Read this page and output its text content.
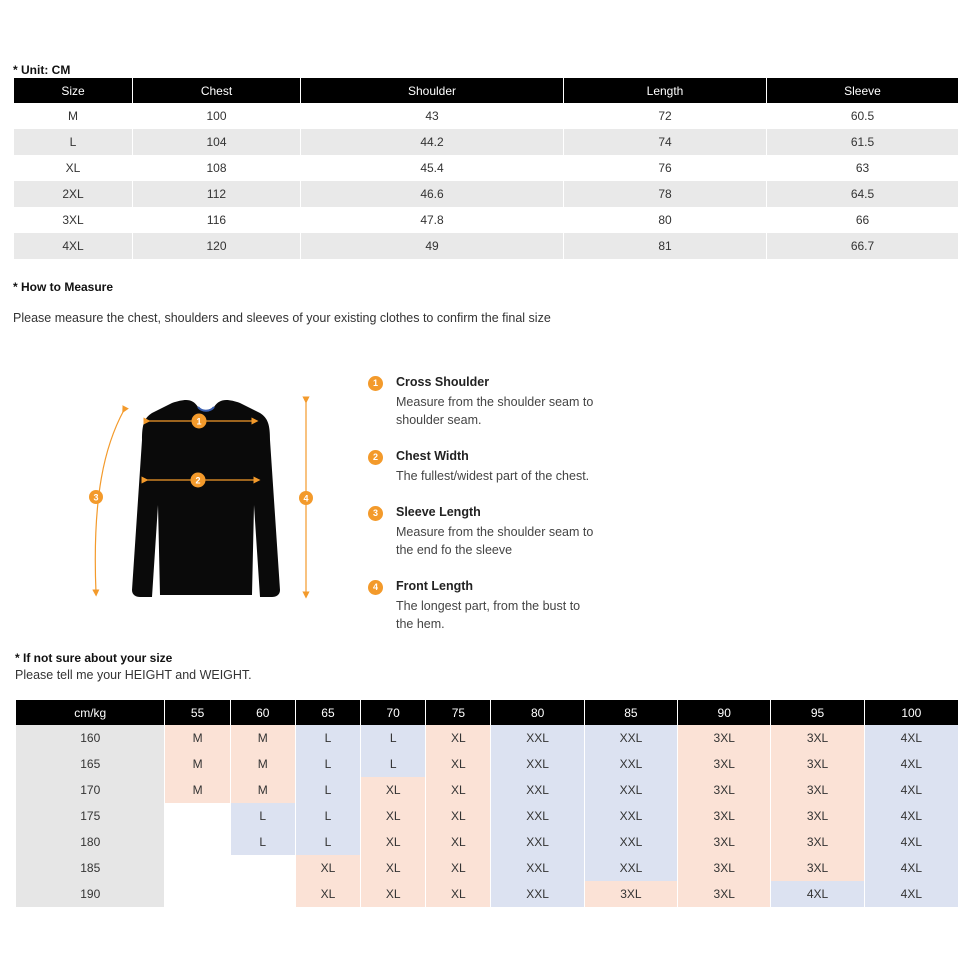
* Unit: CM
Size	Chest	Shoulder	Length	Sleeve
M	100	43	72	60.5
L	104	44.2	74	61.5
XL	108	45.4	76	63
2XL	112	46.6	78	64.5
3XL	116	47.8	80	66
4XL	120	49	81	66.7
* How to Measure
Please measure the chest, shoulders and sleeves of your existing clothes to confirm the final size
1
2
3	4
1	Cross Shoulder
Measure from the shoulder seam to shoulder seam.
2	Chest Width
The fullest/widest part of the chest.
3	Sleeve Length
Measure from the shoulder seam to the end fo the sleeve
4	Front Length
The longest part, from the bust to the hem.
* If not sure about your size
Please tell me your HEIGHT and WEIGHT.
cm/kg	55	60	65	70	75	80	85	90	95	100
160	M	M	L	L	XL	XXL	XXL	3XL	3XL	4XL
165	M	M	L	L	XL	XXL	XXL	3XL	3XL	4XL
170	M	M	L	XL	XL	XXL	XXL	3XL	3XL	4XL
175		L	L	XL	XL	XXL	XXL	3XL	3XL	4XL
180		L	L	XL	XL	XXL	XXL	3XL	3XL	4XL
185			XL	XL	XL	XXL	XXL	3XL	3XL	4XL
190			XL	XL	XL	XXL	3XL	3XL	4XL	4XL
